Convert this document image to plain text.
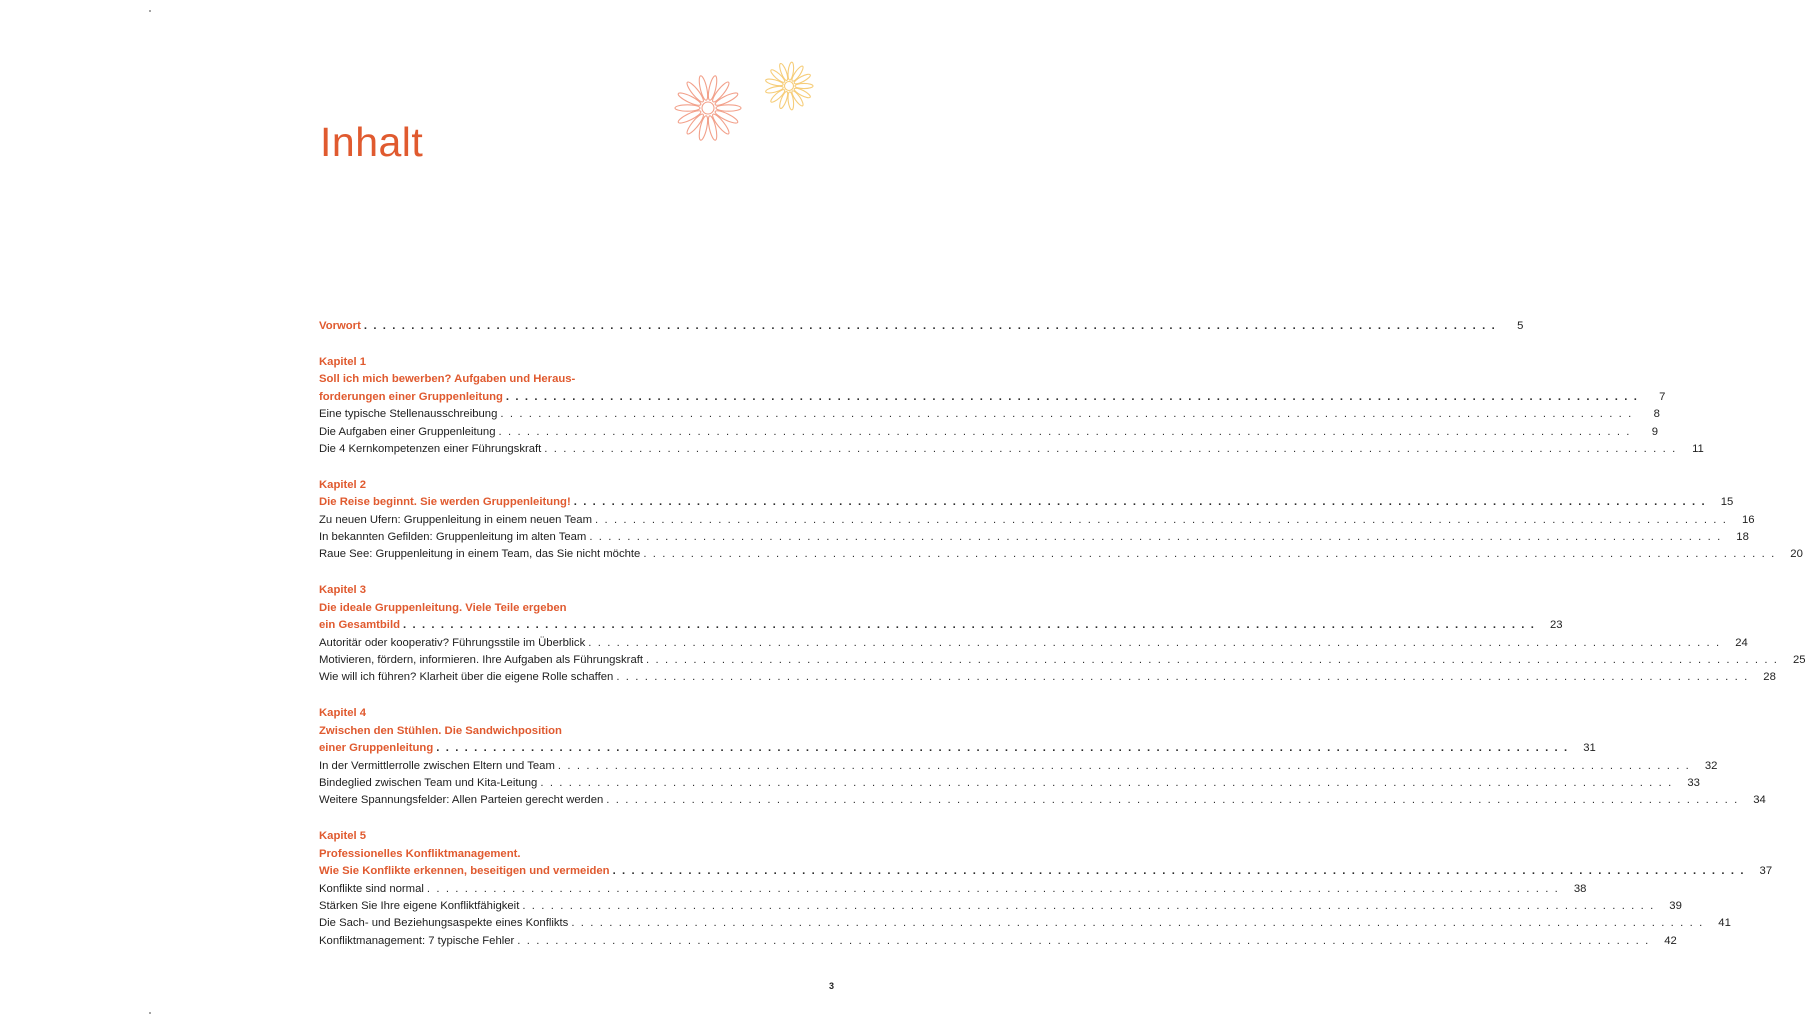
Inhalt
Vorwort . . . . . . . . . . . . . . . . . . . . . . . . . . . . . . . . . . . . . . . . . . . . . . . . . . . . . . . . . . . . . . . . . . . . . . . . . . . . . . . . . . . . . . . . . . . . . . . . . . . . . . . . . . . . . . . . . . . . . . . .	5
Kapitel 1
Soll ich mich bewerben? Aufgaben und Heraus-
forderungen einer Gruppenleitung . . . . . . . . . . . . . . . . . . . . . . . . . . . . . . . . . . . . . . . . . . . . . . . . . . . . . . . . . . . . . . . . . . . . . . . . . . . . . . . . . . . . . . . . . . . . . . . . . . . . . . . . . . . . . . . . . . . . . . . .	7
Eine typische Stellenausschreibung . . . . . . . . . . . . . . . . . . . . . . . . . . . . . . . . . . . . . . . . . . . . . . . . . . . . . . . . . . . . . . . . . . . . . . . . . . . . . . . . . . . . . . . . . . . . . . . . . . . . . . . . . . . . . . . . . . . . . . . .	8
Die Aufgaben einer Gruppenleitung . . . . . . . . . . . . . . . . . . . . . . . . . . . . . . . . . . . . . . . . . . . . . . . . . . . . . . . . . . . . . . . . . . . . . . . . . . . . . . . . . . . . . . . . . . . . . . . . . . . . . . . . . . . . . . . . . . . . . . . .	9
Die 4 Kernkompetenzen einer Führungskraft . . . . . . . . . . . . . . . . . . . . . . . . . . . . . . . . . . . . . . . . . . . . . . . . . . . . . . . . . . . . . . . . . . . . . . . . . . . . . . . . . . . . . . . . . . . . . . . . . . . . . . . . . . . . . . . . . . . . . . . .	11
Kapitel 2
Die Reise beginnt. Sie werden Gruppenleitung! . . . . . . . . . . . . . . . . . . . . . . . . . . . . . . . . . . . . . . . . . . . . . . . . . . . . . . . . . . . . . . . . . . . . . . . . . . . . . . . . . . . . . . . . . . . . . . . . . . . . . . . . . . . . . . . . . . . . . . . .	15
Zu neuen Ufern: Gruppenleitung in einem neuen Team . . . . . . . . . . . . . . . . . . . . . . . . . . . . . . . . . . . . . . . . . . . . . . . . . . . . . . . . . . . . . . . . . . . . . . . . . . . . . . . . . . . . . . . . . . . . . . . . . . . . . . . . . . . . . . . . . . . . . . . .	16
In bekannten Gefilden: Gruppenleitung im alten Team . . . . . . . . . . . . . . . . . . . . . . . . . . . . . . . . . . . . . . . . . . . . . . . . . . . . . . . . . . . . . . . . . . . . . . . . . . . . . . . . . . . . . . . . . . . . . . . . . . . . . . . . . . . . . . . . . . . . . . . .	18
Raue See: Gruppenleitung in einem Team, das Sie nicht möchte . . . . . . . . . . . . . . . . . . . . . . . . . . . . . . . . . . . . . . . . . . . . . . . . . . . . . . . . . . . . . . . . . . . . . . . . . . . . . . . . . . . . . . . . . . . . . . . . . . . . . . . . . . . . . . . . . . . . . . . .	20
Kapitel 3
Die ideale Gruppenleitung. Viele Teile ergeben
ein Gesamtbild . . . . . . . . . . . . . . . . . . . . . . . . . . . . . . . . . . . . . . . . . . . . . . . . . . . . . . . . . . . . . . . . . . . . . . . . . . . . . . . . . . . . . . . . . . . . . . . . . . . . . . . . . . . . . . . . . . . . . . . .	23
Autoritär oder kooperativ? Führungsstile im Überblick . . . . . . . . . . . . . . . . . . . . . . . . . . . . . . . . . . . . . . . . . . . . . . . . . . . . . . . . . . . . . . . . . . . . . . . . . . . . . . . . . . . . . . . . . . . . . . . . . . . . . . . . . . . . . . . . . . . . . . . .	24
Motivieren, fördern, informieren. Ihre Aufgaben als Führungskraft . . . . . . . . . . . . . . . . . . . . . . . . . . . . . . . . . . . . . . . . . . . . . . . . . . . . . . . . . . . . . . . . . . . . . . . . . . . . . . . . . . . . . . . . . . . . . . . . . . . . . . . . . . . . . . . . . . . . . . . .	25
Wie will ich führen? Klarheit über die eigene Rolle schaffen . . . . . . . . . . . . . . . . . . . . . . . . . . . . . . . . . . . . . . . . . . . . . . . . . . . . . . . . . . . . . . . . . . . . . . . . . . . . . . . . . . . . . . . . . . . . . . . . . . . . . . . . . . . . . . . . . . . . . . . .	28
Kapitel 4
Zwischen den Stühlen. Die Sandwichposition
einer Gruppenleitung . . . . . . . . . . . . . . . . . . . . . . . . . . . . . . . . . . . . . . . . . . . . . . . . . . . . . . . . . . . . . . . . . . . . . . . . . . . . . . . . . . . . . . . . . . . . . . . . . . . . . . . . . . . . . . . . . . . . . . . .	31
In der Vermittlerrolle zwischen Eltern und Team . . . . . . . . . . . . . . . . . . . . . . . . . . . . . . . . . . . . . . . . . . . . . . . . . . . . . . . . . . . . . . . . . . . . . . . . . . . . . . . . . . . . . . . . . . . . . . . . . . . . . . . . . . . . . . . . . . . . . . . .	32
Bindeglied zwischen Team und Kita-Leitung . . . . . . . . . . . . . . . . . . . . . . . . . . . . . . . . . . . . . . . . . . . . . . . . . . . . . . . . . . . . . . . . . . . . . . . . . . . . . . . . . . . . . . . . . . . . . . . . . . . . . . . . . . . . . . . . . . . . . . . .	33
Weitere Spannungsfelder: Allen Parteien gerecht werden . . . . . . . . . . . . . . . . . . . . . . . . . . . . . . . . . . . . . . . . . . . . . . . . . . . . . . . . . . . . . . . . . . . . . . . . . . . . . . . . . . . . . . . . . . . . . . . . . . . . . . . . . . . . . . . . . . . . . . . .	34
Kapitel 5
Professionelles Konfliktmanagement.
Wie Sie Konflikte erkennen, beseitigen und vermeiden . . . . . . . . . . . . . . . . . . . . . . . . . . . . . . . . . . . . . . . . . . . . . . . . . . . . . . . . . . . . . . . . . . . . . . . . . . . . . . . . . . . . . . . . . . . . . . . . . . . . . . . . . . . . . . . . . . . . . . . .	37
Konflikte sind normal . . . . . . . . . . . . . . . . . . . . . . . . . . . . . . . . . . . . . . . . . . . . . . . . . . . . . . . . . . . . . . . . . . . . . . . . . . . . . . . . . . . . . . . . . . . . . . . . . . . . . . . . . . . . . . . . . . . . . . . .	38
Stärken Sie Ihre eigene Konfliktfähigkeit . . . . . . . . . . . . . . . . . . . . . . . . . . . . . . . . . . . . . . . . . . . . . . . . . . . . . . . . . . . . . . . . . . . . . . . . . . . . . . . . . . . . . . . . . . . . . . . . . . . . . . . . . . . . . . . . . . . . . . . .	39
Die Sach- und Beziehungsaspekte eines Konflikts . . . . . . . . . . . . . . . . . . . . . . . . . . . . . . . . . . . . . . . . . . . . . . . . . . . . . . . . . . . . . . . . . . . . . . . . . . . . . . . . . . . . . . . . . . . . . . . . . . . . . . . . . . . . . . . . . . . . . . . .	41
Konfliktmanagement: 7 typische Fehler . . . . . . . . . . . . . . . . . . . . . . . . . . . . . . . . . . . . . . . . . . . . . . . . . . . . . . . . . . . . . . . . . . . . . . . . . . . . . . . . . . . . . . . . . . . . . . . . . . . . . . . . . . . . . . . . . . . . . . . .	42
3
